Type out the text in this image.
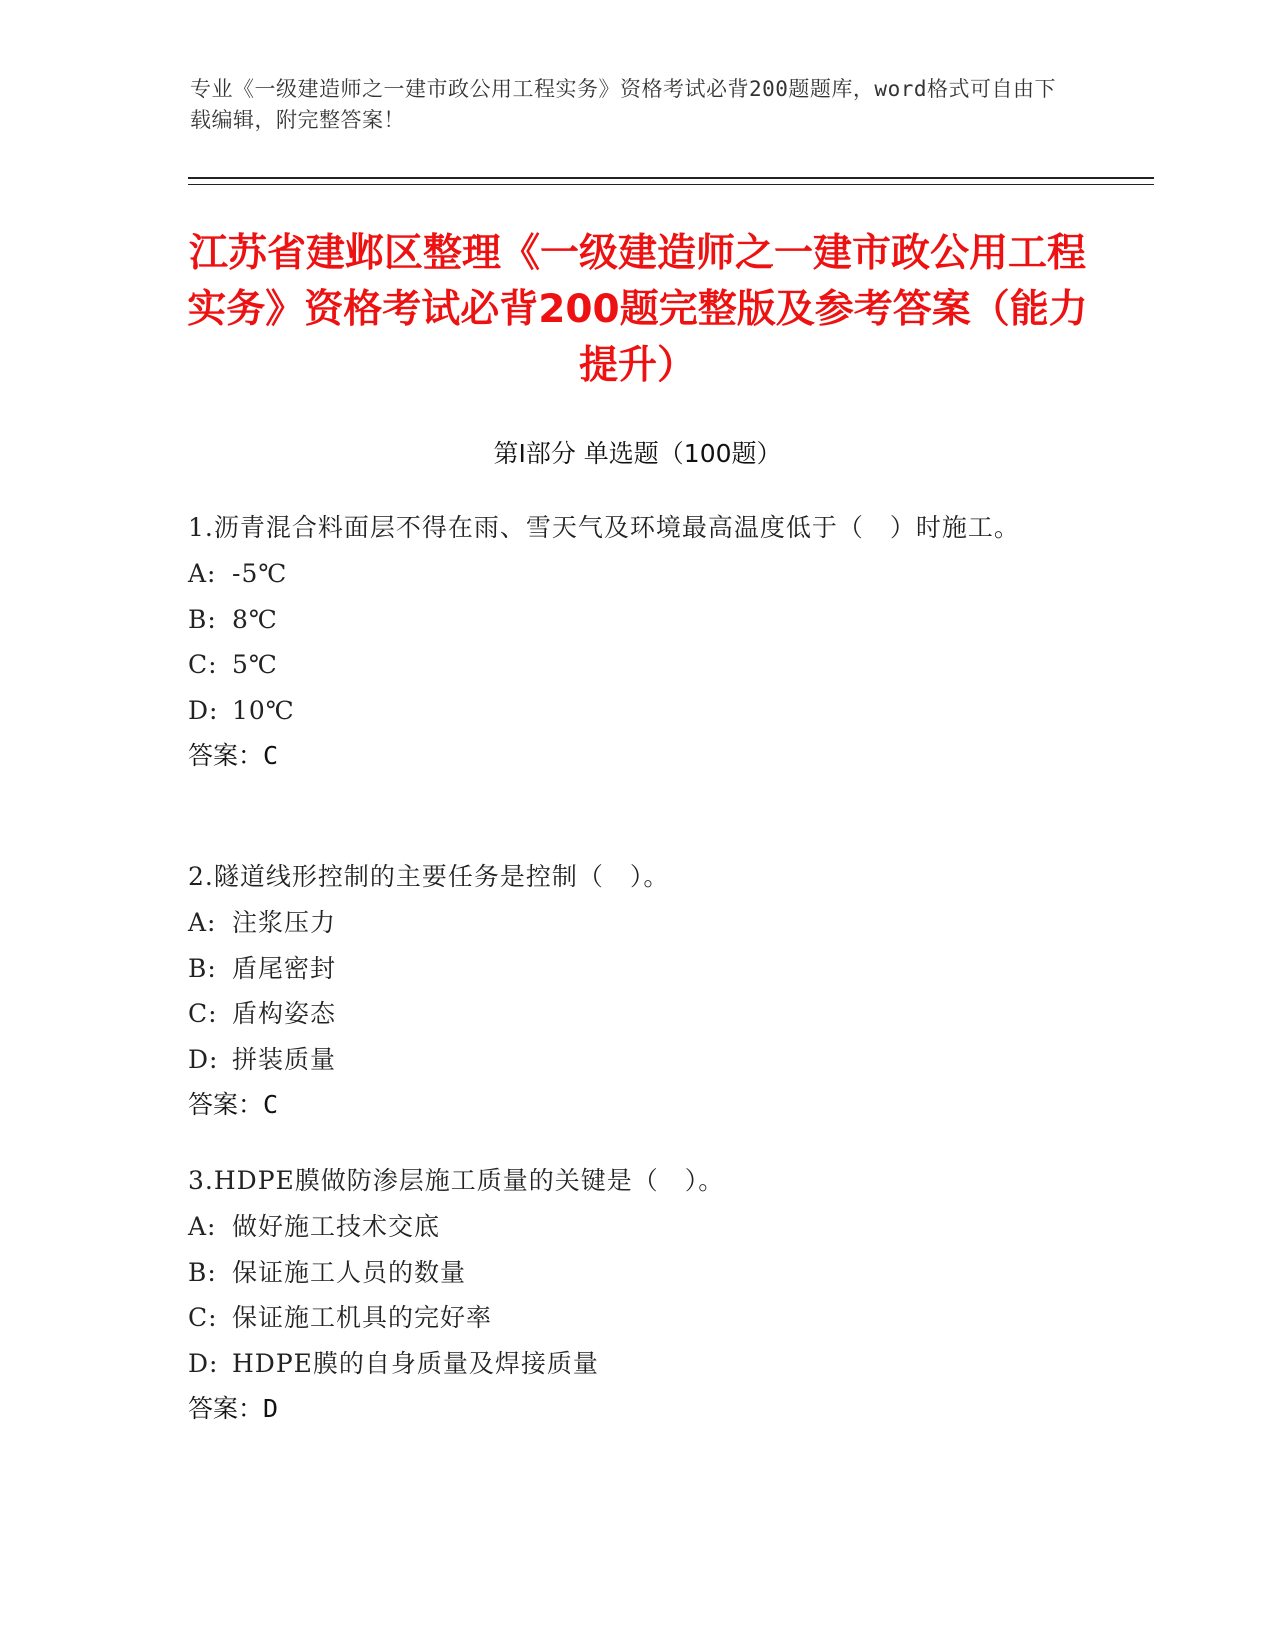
专业《一级建造师之一建市政公用工程实务》资格考试必背200题题库，word格式可自由下载编辑，附完整答案！
江苏省建邺区整理《一级建造师之一建市政公用工程实务》资格考试必背200题完整版及参考答案（能力提升）
第Ⅰ部分 单选题（100题）
1.沥青混合料面层不得在雨、雪天气及环境最高温度低于（　）时施工。
A: -5℃
B: 8℃
C: 5℃
D: 10℃
答案：C
2.隧道线形控制的主要任务是控制（　）。
A: 注浆压力
B: 盾尾密封
C: 盾构姿态
D: 拼装质量
答案：C
3.HDPE膜做防渗层施工质量的关键是（　）。
A: 做好施工技术交底
B: 保证施工人员的数量
C: 保证施工机具的完好率
D: HDPE膜的自身质量及焊接质量
答案：D
